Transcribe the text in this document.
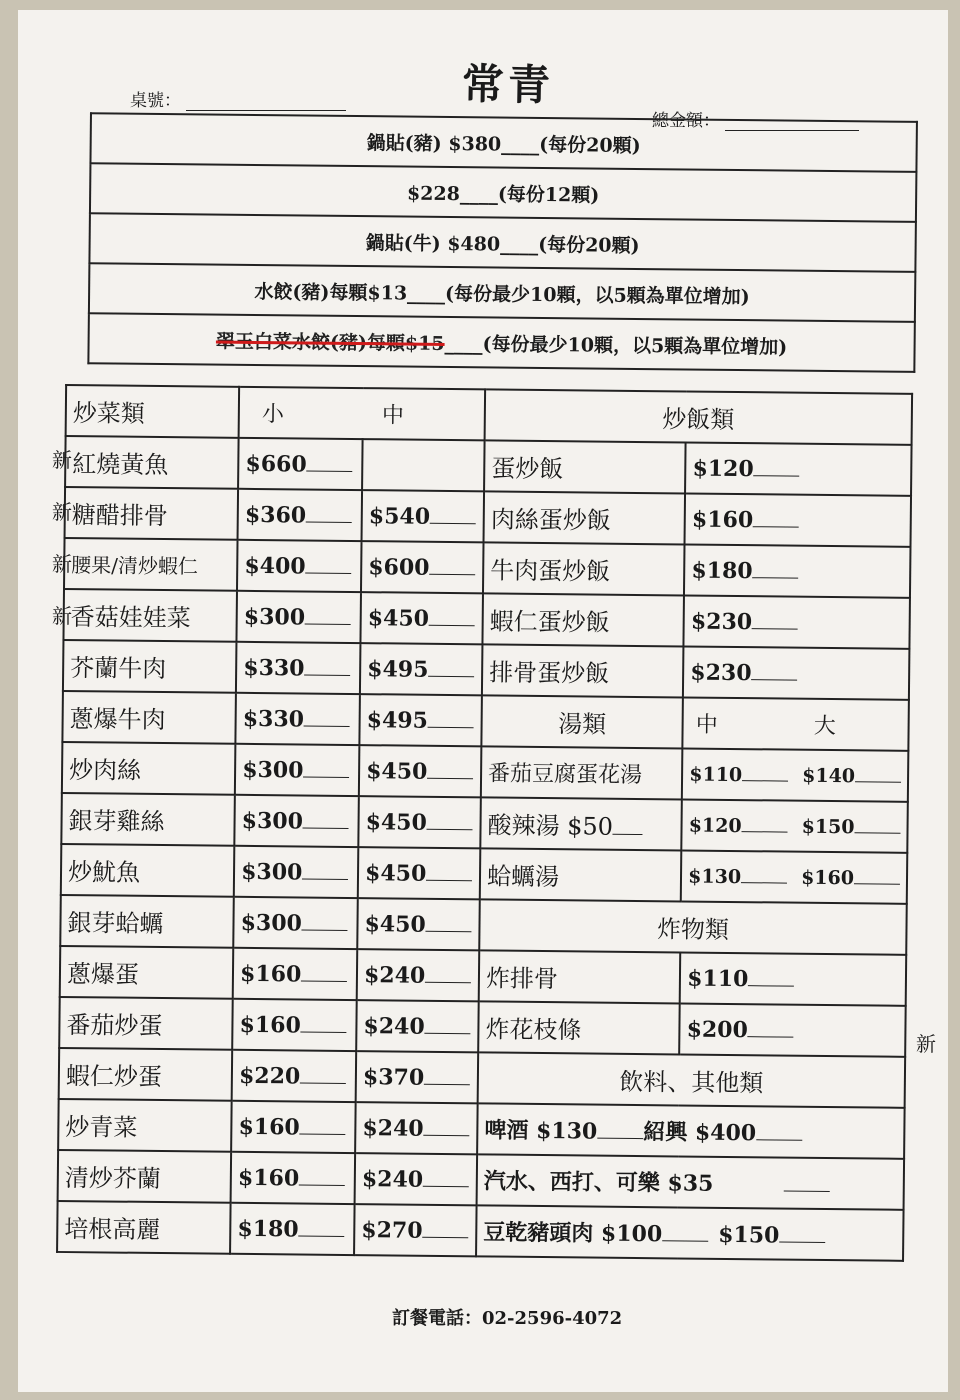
常青
桌號：
總金額：
鍋貼(豬) $380____(每份20顆)
$228____(每份12顆)
鍋貼(牛) $480____(每份20顆)
水餃(豬)每顆$13____(每份最少10顆，以5顆為單位增加)
翠玉白菜水餃(豬)每顆$15____(每份最少10顆，以5顆為單位增加)
炒菜類	小 中		炒飯類	
紅燒黃魚	$660		蛋炒飯	$120
糖醋排骨	$360	$540	肉絲蛋炒飯	$160
腰果/清炒蝦仁	$400	$600	牛肉蛋炒飯	$180
香菇娃娃菜	$300	$450	蝦仁蛋炒飯	$230
芥蘭牛肉	$330	$495	排骨蛋炒飯	$230
蔥爆牛肉	$330	$495	湯類	中 大
炒肉絲	$300	$450	番茄豆腐蛋花湯	$110 $140
銀芽雞絲	$300	$450	酸辣湯 $50	$120 $150
炒魷魚	$300	$450	蛤蠣湯	$130 $160
銀芽蛤蠣	$300	$450	炸物類	
蔥爆蛋	$160	$240	炸排骨	$110
番茄炒蛋	$160	$240	炸花枝條	$200
蝦仁炒蛋	$220	$370	飲料、其他類	
炒青菜	$160	$240	啤酒 $130 紹興 $400	
清炒芥蘭	$160	$240	汽水、西打、可樂 $35	
培根高麗	$180	$270	豆乾豬頭肉 $100 $150	
新
新
新
新
新
訂餐電話：02-2596-4072
